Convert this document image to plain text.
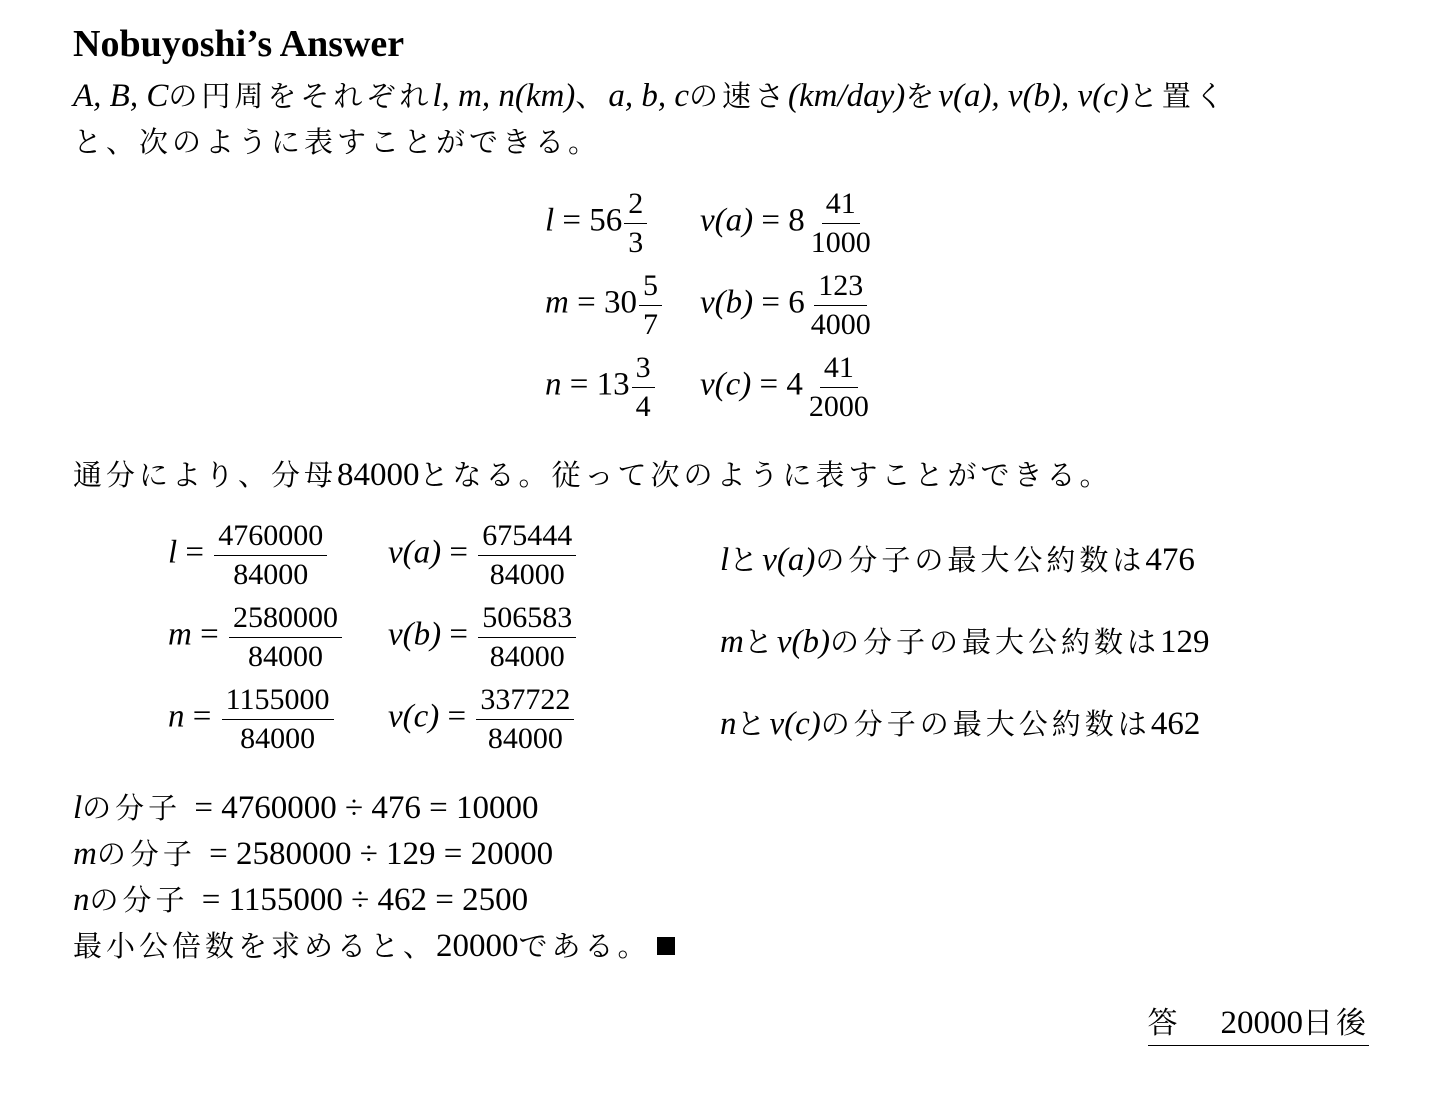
Nobuyoshi’s Answer
A, B, Cの円周をそれぞれl, m, n(km)、a, b, cの速さ(km/day)をv(a), v(b), v(c)と置く
と、次のように表すことができる。
$l = 56 \frac{2}{3} v(a) = 8 \frac{41}{1000}$
$m = 30 \frac{5}{7} v(b) = 6 \frac{123}{4000}$
$n = 13 \frac{3}{4} v(c) = 4 \frac{41}{2000}$
通分により、分母84000となる。従って次のように表すことができる。
$l = \frac{4760000}{84000} v(a) = \frac{675444}{84000}$	lとv(a)の分子の最大公約数は476
$m = \frac{2580000}{84000} v(b) = \frac{506583}{84000}$	mとv(b)の分子の最大公約数は129
$n = \frac{1155000}{84000} v(c) = \frac{337722}{84000}$	nとv(c)の分子の最大公約数は462
lの分子 = 4760000 ÷ 476 = 10000
mの分子 = 2580000 ÷ 129 = 20000
nの分子 = 1155000 ÷ 462 = 2500
最小公倍数を求めると、20000である。
答 20000日後
